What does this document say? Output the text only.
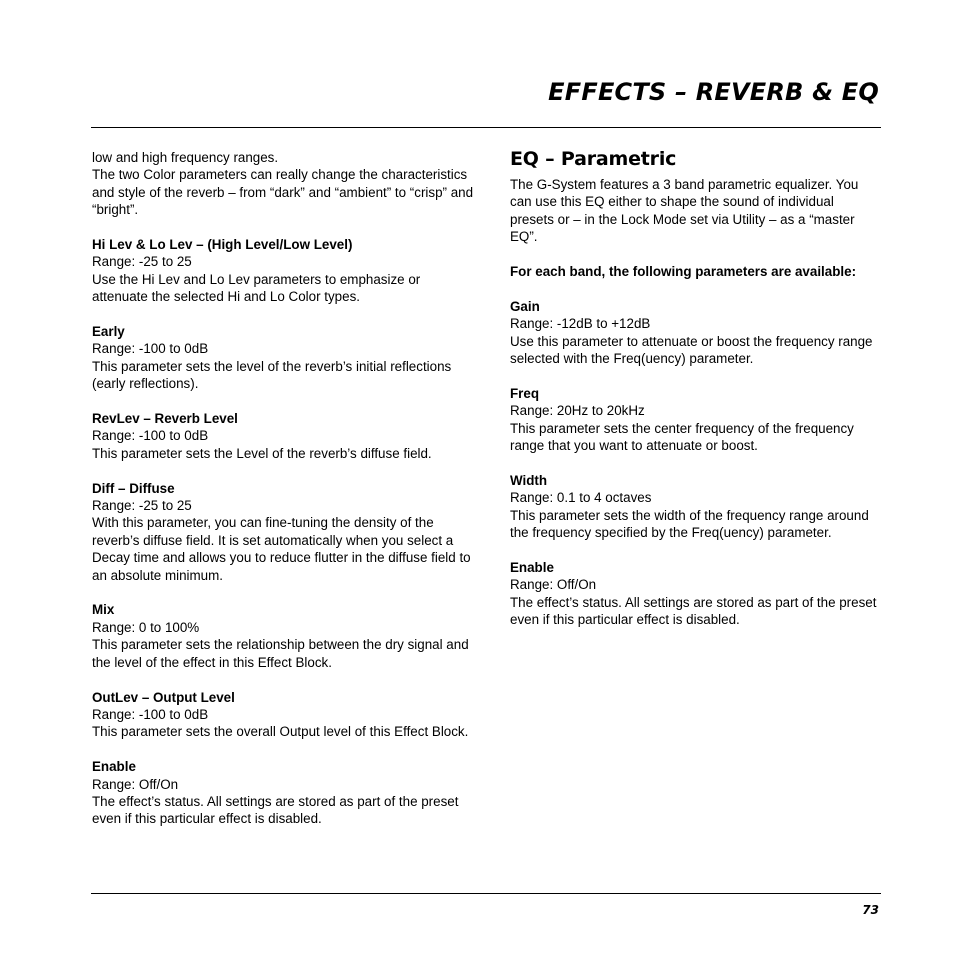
EFFECTS – REVERB & EQ

low and high frequency ranges.

The two Color parameters can really change the characteristics and style of the reverb – from “dark” and “ambient” to “crisp” and “bright”.

Hi Lev & Lo Lev – (High Level/Low Level)

Range: -25 to 25

Use the Hi Lev and Lo Lev parameters to emphasize or attenuate the selected Hi and Lo Color types.

Early

Range: -100 to 0dB

This parameter sets the level of the reverb’s initial reflections (early reflections).

RevLev – Reverb Level

Range: -100 to 0dB

This parameter sets the Level of the reverb’s diffuse field.

Diff – Diffuse

Range: -25 to 25

With this parameter, you can fine-tuning the density of the reverb’s diffuse field. It is set automatically when you select a Decay time and allows you to reduce flutter in the diffuse field to an absolute minimum.

Mix

Range: 0 to 100%

This parameter sets the relationship between the dry signal and the level of the effect in this Effect Block.

OutLev – Output Level

Range: -100 to 0dB

This parameter sets the overall Output level of this Effect Block.

Enable

Range: Off/On

The effect’s status. All settings are stored as part of the preset even if this particular effect is disabled.

EQ – Parametric

The G-System features a 3 band parametric equalizer. You can use this EQ either to shape the sound of individual presets or – in the Lock Mode set via Utility – as a “master EQ”.

For each band, the following parameters are available:

Gain

Range: -12dB to +12dB

Use this parameter to attenuate or boost the frequency range selected with the Freq(uency) parameter.

Freq

Range: 20Hz to 20kHz

This parameter sets the center frequency of the frequency range that you want to attenuate or boost.

Width

Range: 0.1 to 4 octaves

This parameter sets the width of the frequency range around the frequency specified by the Freq(uency) parameter.

Enable

Range: Off/On

The effect’s status. All settings are stored as part of the preset even if this particular effect is disabled.

73
